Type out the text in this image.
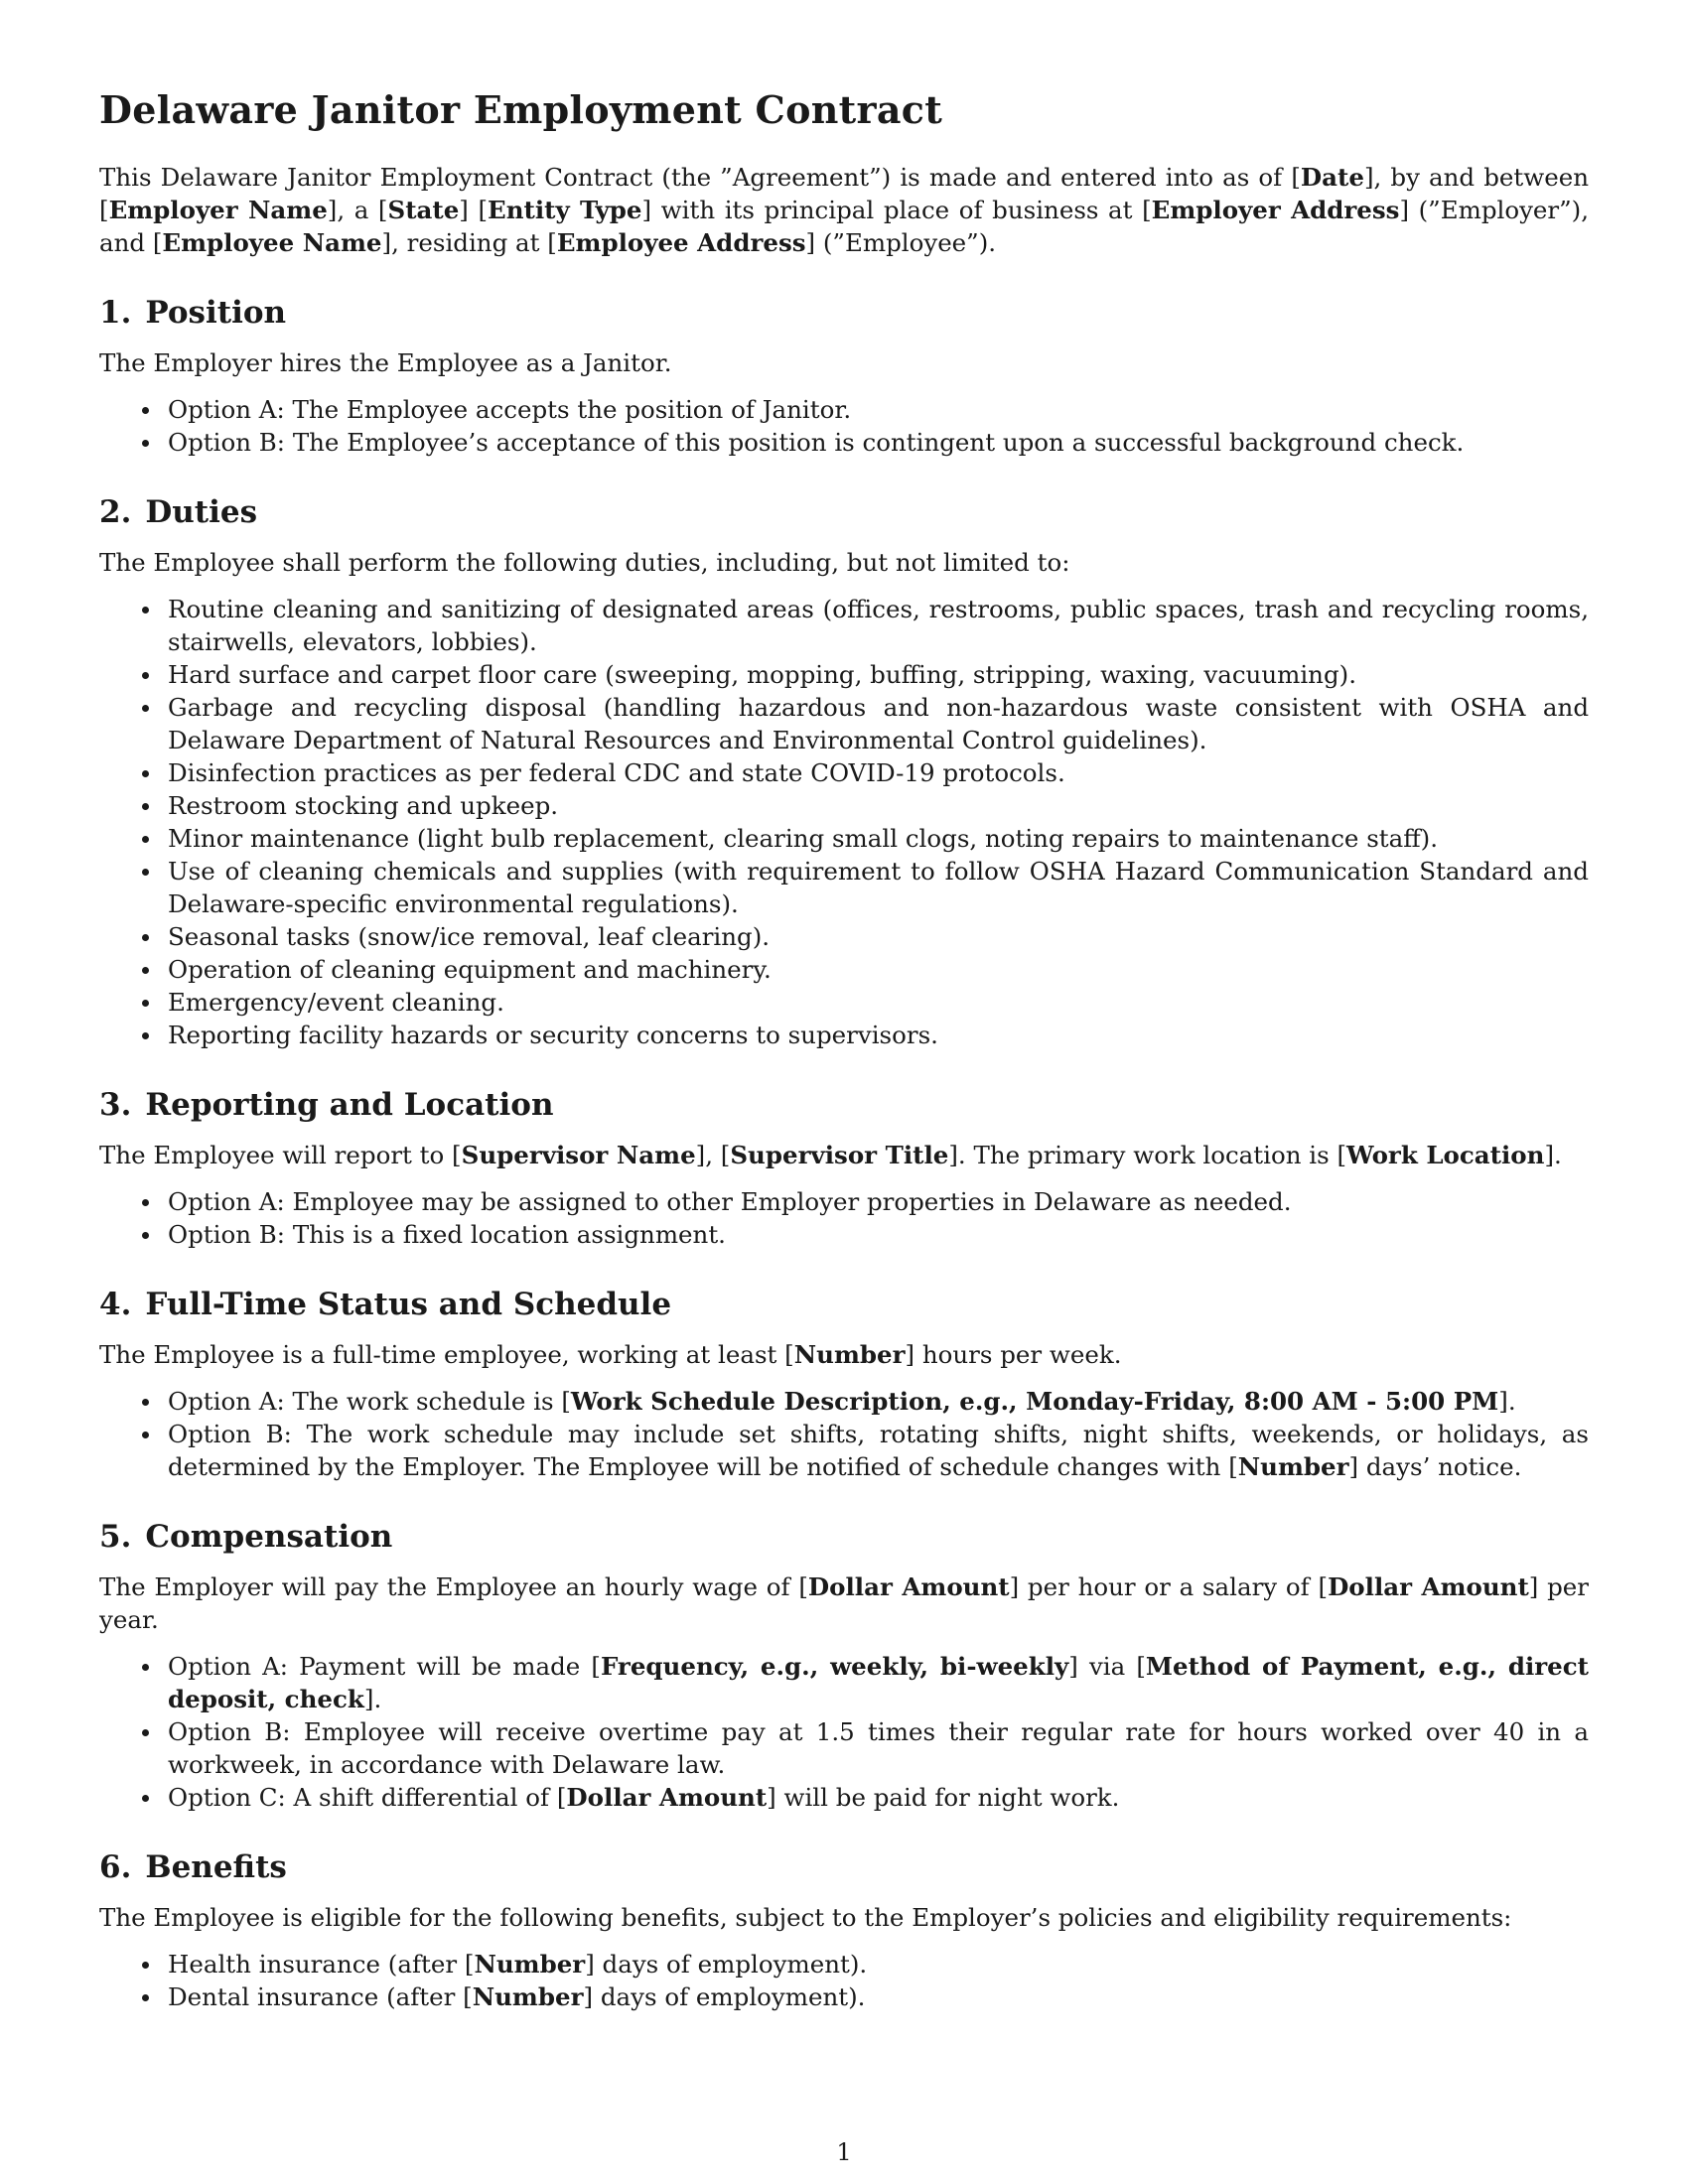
Delaware Janitor Employment Contract

This Delaware Janitor Employment Contract (the ”Agreement”) is made and entered into as of [Date], by and between [Employer Name], a [State] [Entity Type] with its principal place of business at [Employer Address] (”Employer”), and [Employee Name], residing at [Employee Address] (”Employee”).

1. Position

The Employer hires the Employee as a Janitor.

Option A: The Employee accepts the position of Janitor.
Option B: The Employee’s acceptance of this position is contingent upon a successful background check.
2. Duties

The Employee shall perform the following duties, including, but not limited to:

Routine cleaning and sanitizing of designated areas (offices, restrooms, public spaces, trash and recycling rooms, stairwells, elevators, lobbies).
Hard surface and carpet floor care (sweeping, mopping, buffing, stripping, waxing, vacuuming).
Garbage and recycling disposal (handling hazardous and non-hazardous waste consistent with OSHA and Delaware Department of Natural Resources and Environmental Control guidelines).
Disinfection practices as per federal CDC and state COVID-19 protocols.
Restroom stocking and upkeep.
Minor maintenance (light bulb replacement, clearing small clogs, noting repairs to maintenance staff).
Use of cleaning chemicals and supplies (with requirement to follow OSHA Hazard Communication Standard and Delaware-specific environmental regulations).
Seasonal tasks (snow/ice removal, leaf clearing).
Operation of cleaning equipment and machinery.
Emergency/event cleaning.
Reporting facility hazards or security concerns to supervisors.
3. Reporting and Location

The Employee will report to [Supervisor Name], [Supervisor Title]. The primary work location is [Work Location].

Option A: Employee may be assigned to other Employer properties in Delaware as needed.
Option B: This is a fixed location assignment.
4. Full-Time Status and Schedule

The Employee is a full-time employee, working at least [Number] hours per week.

Option A: The work schedule is [Work Schedule Description, e.g., Monday-Friday, 8:00 AM - 5:00 PM].
Option B: The work schedule may include set shifts, rotating shifts, night shifts, weekends, or holidays, as determined by the Employer. The Employee will be notified of schedule changes with [Number] days’ notice.
5. Compensation

The Employer will pay the Employee an hourly wage of [Dollar Amount] per hour or a salary of [Dollar Amount] per year.

Option A: Payment will be made [Frequency, e.g., weekly, bi-weekly] via [Method of Payment, e.g., direct deposit, check].
Option B: Employee will receive overtime pay at 1.5 times their regular rate for hours worked over 40 in a workweek, in accordance with Delaware law.
Option C: A shift differential of [Dollar Amount] will be paid for night work.
6. Benefits

The Employee is eligible for the following benefits, subject to the Employer’s policies and eligibility requirements:

Health insurance (after [Number] days of employment).
Dental insurance (after [Number] days of employment).
1
